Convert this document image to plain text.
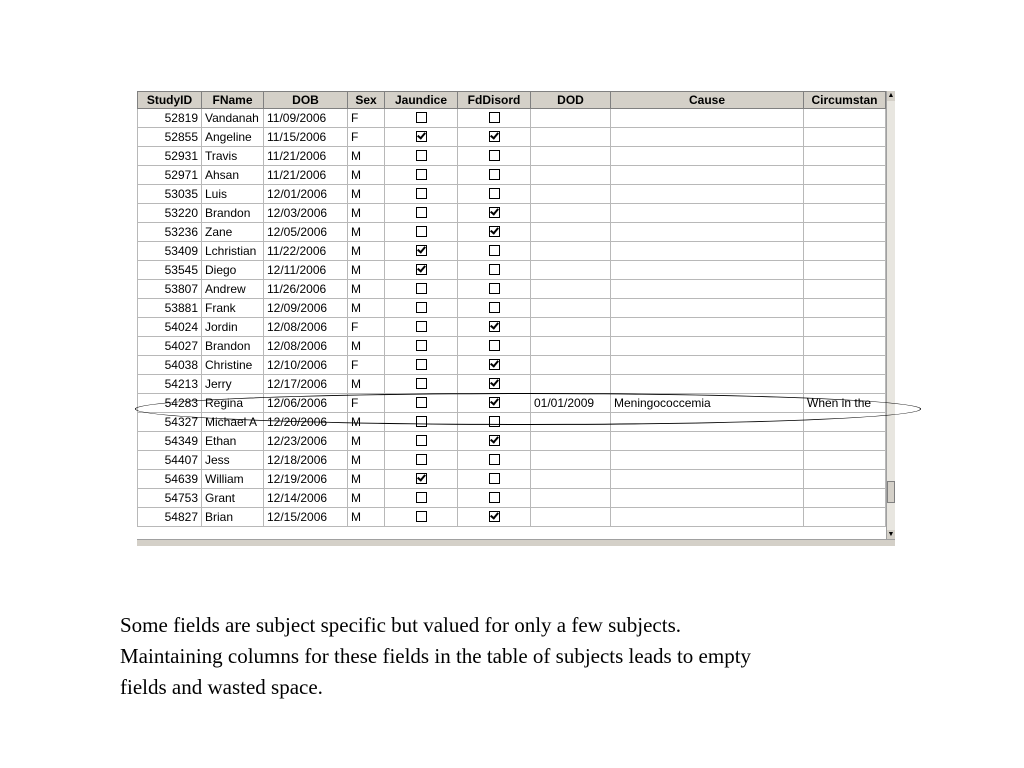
StudyID	FName	DOB	Sex	Jaundice	FdDisord	DOD	Cause	Circumstan
52819	Vandanah	11/09/2006	F					
52855	Angeline	11/15/2006	F					
52931	Travis	11/21/2006	M					
52971	Ahsan	11/21/2006	M					
53035	Luis	12/01/2006	M					
53220	Brandon	12/03/2006	M					
53236	Zane	12/05/2006	M					
53409	Lchristian	11/22/2006	M					
53545	Diego	12/11/2006	M					
53807	Andrew	11/26/2006	M					
53881	Frank	12/09/2006	M					
54024	Jordin	12/08/2006	F					
54027	Brandon	12/08/2006	M					
54038	Christine	12/10/2006	F					
54213	Jerry	12/17/2006	M					
54283	Regina	12/06/2006	F			01/01/2009	Meningococcemia	When in the
54327	Michael A	12/20/2006	M					
54349	Ethan	12/23/2006	M					
54407	Jess	12/18/2006	M					
54639	William	12/19/2006	M					
54753	Grant	12/14/2006	M					
54827	Brian	12/15/2006	M					
▲
▼

Some fields are subject specific but valued for only a few subjects.

Maintaining columns for these fields in the table of subjects leads to empty

fields and wasted space.
